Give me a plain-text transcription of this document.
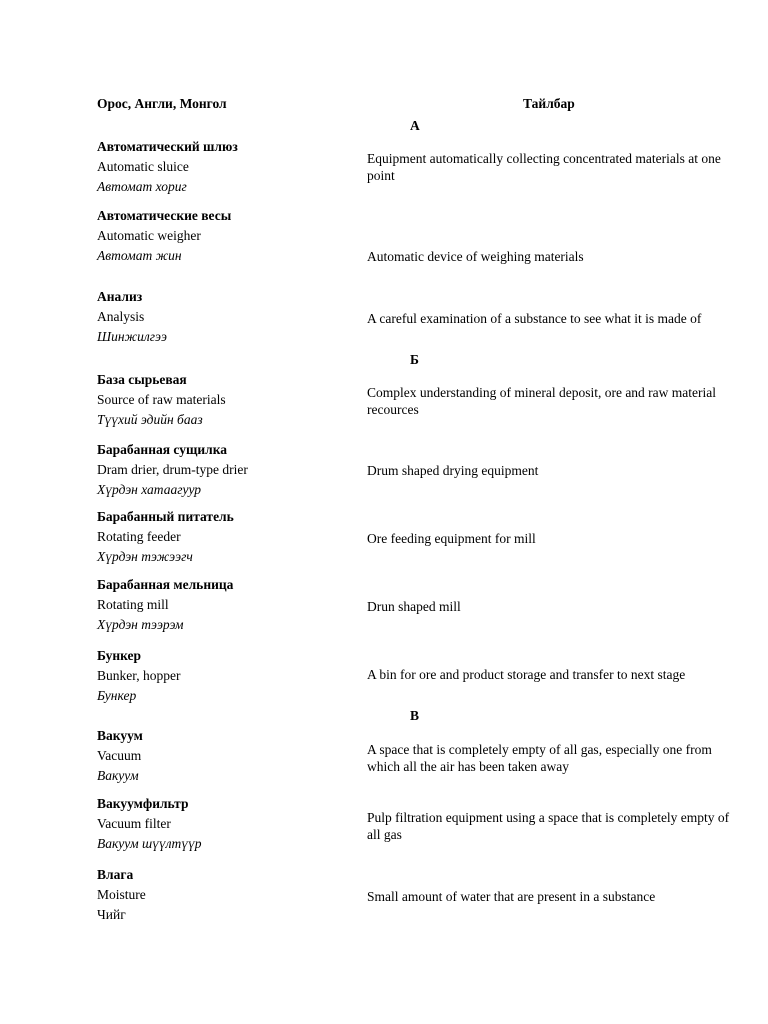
Орос, Англи, Монгол	Тайлбар
А
Б
В
Автоматический шлюз
Automatic sluice
Автомат хориг
Equipment automatically collecting concentrated materials at one point
Автоматические весы
Automatic weigher
Автомат жин	Automatic device of weighing materials
Анализ
Analysis
Шинжилгээ
A careful examination of a substance to see what it is made of
База сырьевая
Source of raw materials
Түүхий эдийн бааз
Complex understanding of mineral deposit, ore and raw material recources
Барабанная сущилка
Dram drier, drum-type drier
Хүрдэн хатаагуур
Drum shaped drying equipment
Барабанный питатель
Rotating feeder
Хүрдэн тэжээгч
Ore feeding equipment for mill
Барабанная мельница
Rotating mill
Хүрдэн тээрэм
Drun shaped mill
Бункер
Bunker, hopper
Бункер
A bin for ore and product storage and transfer to next stage
Вакуум
Vacuum
Вакуум
A space that is completely empty of all gas, especially one from which all the air has been taken away
Вакуумфильтр
Vacuum filter
Вакуум шүүлтүүр
Pulp filtration equipment using a space that is completely empty of all gas
Влага
Moisture
Чийг
Small amount of water that are present in a substance
